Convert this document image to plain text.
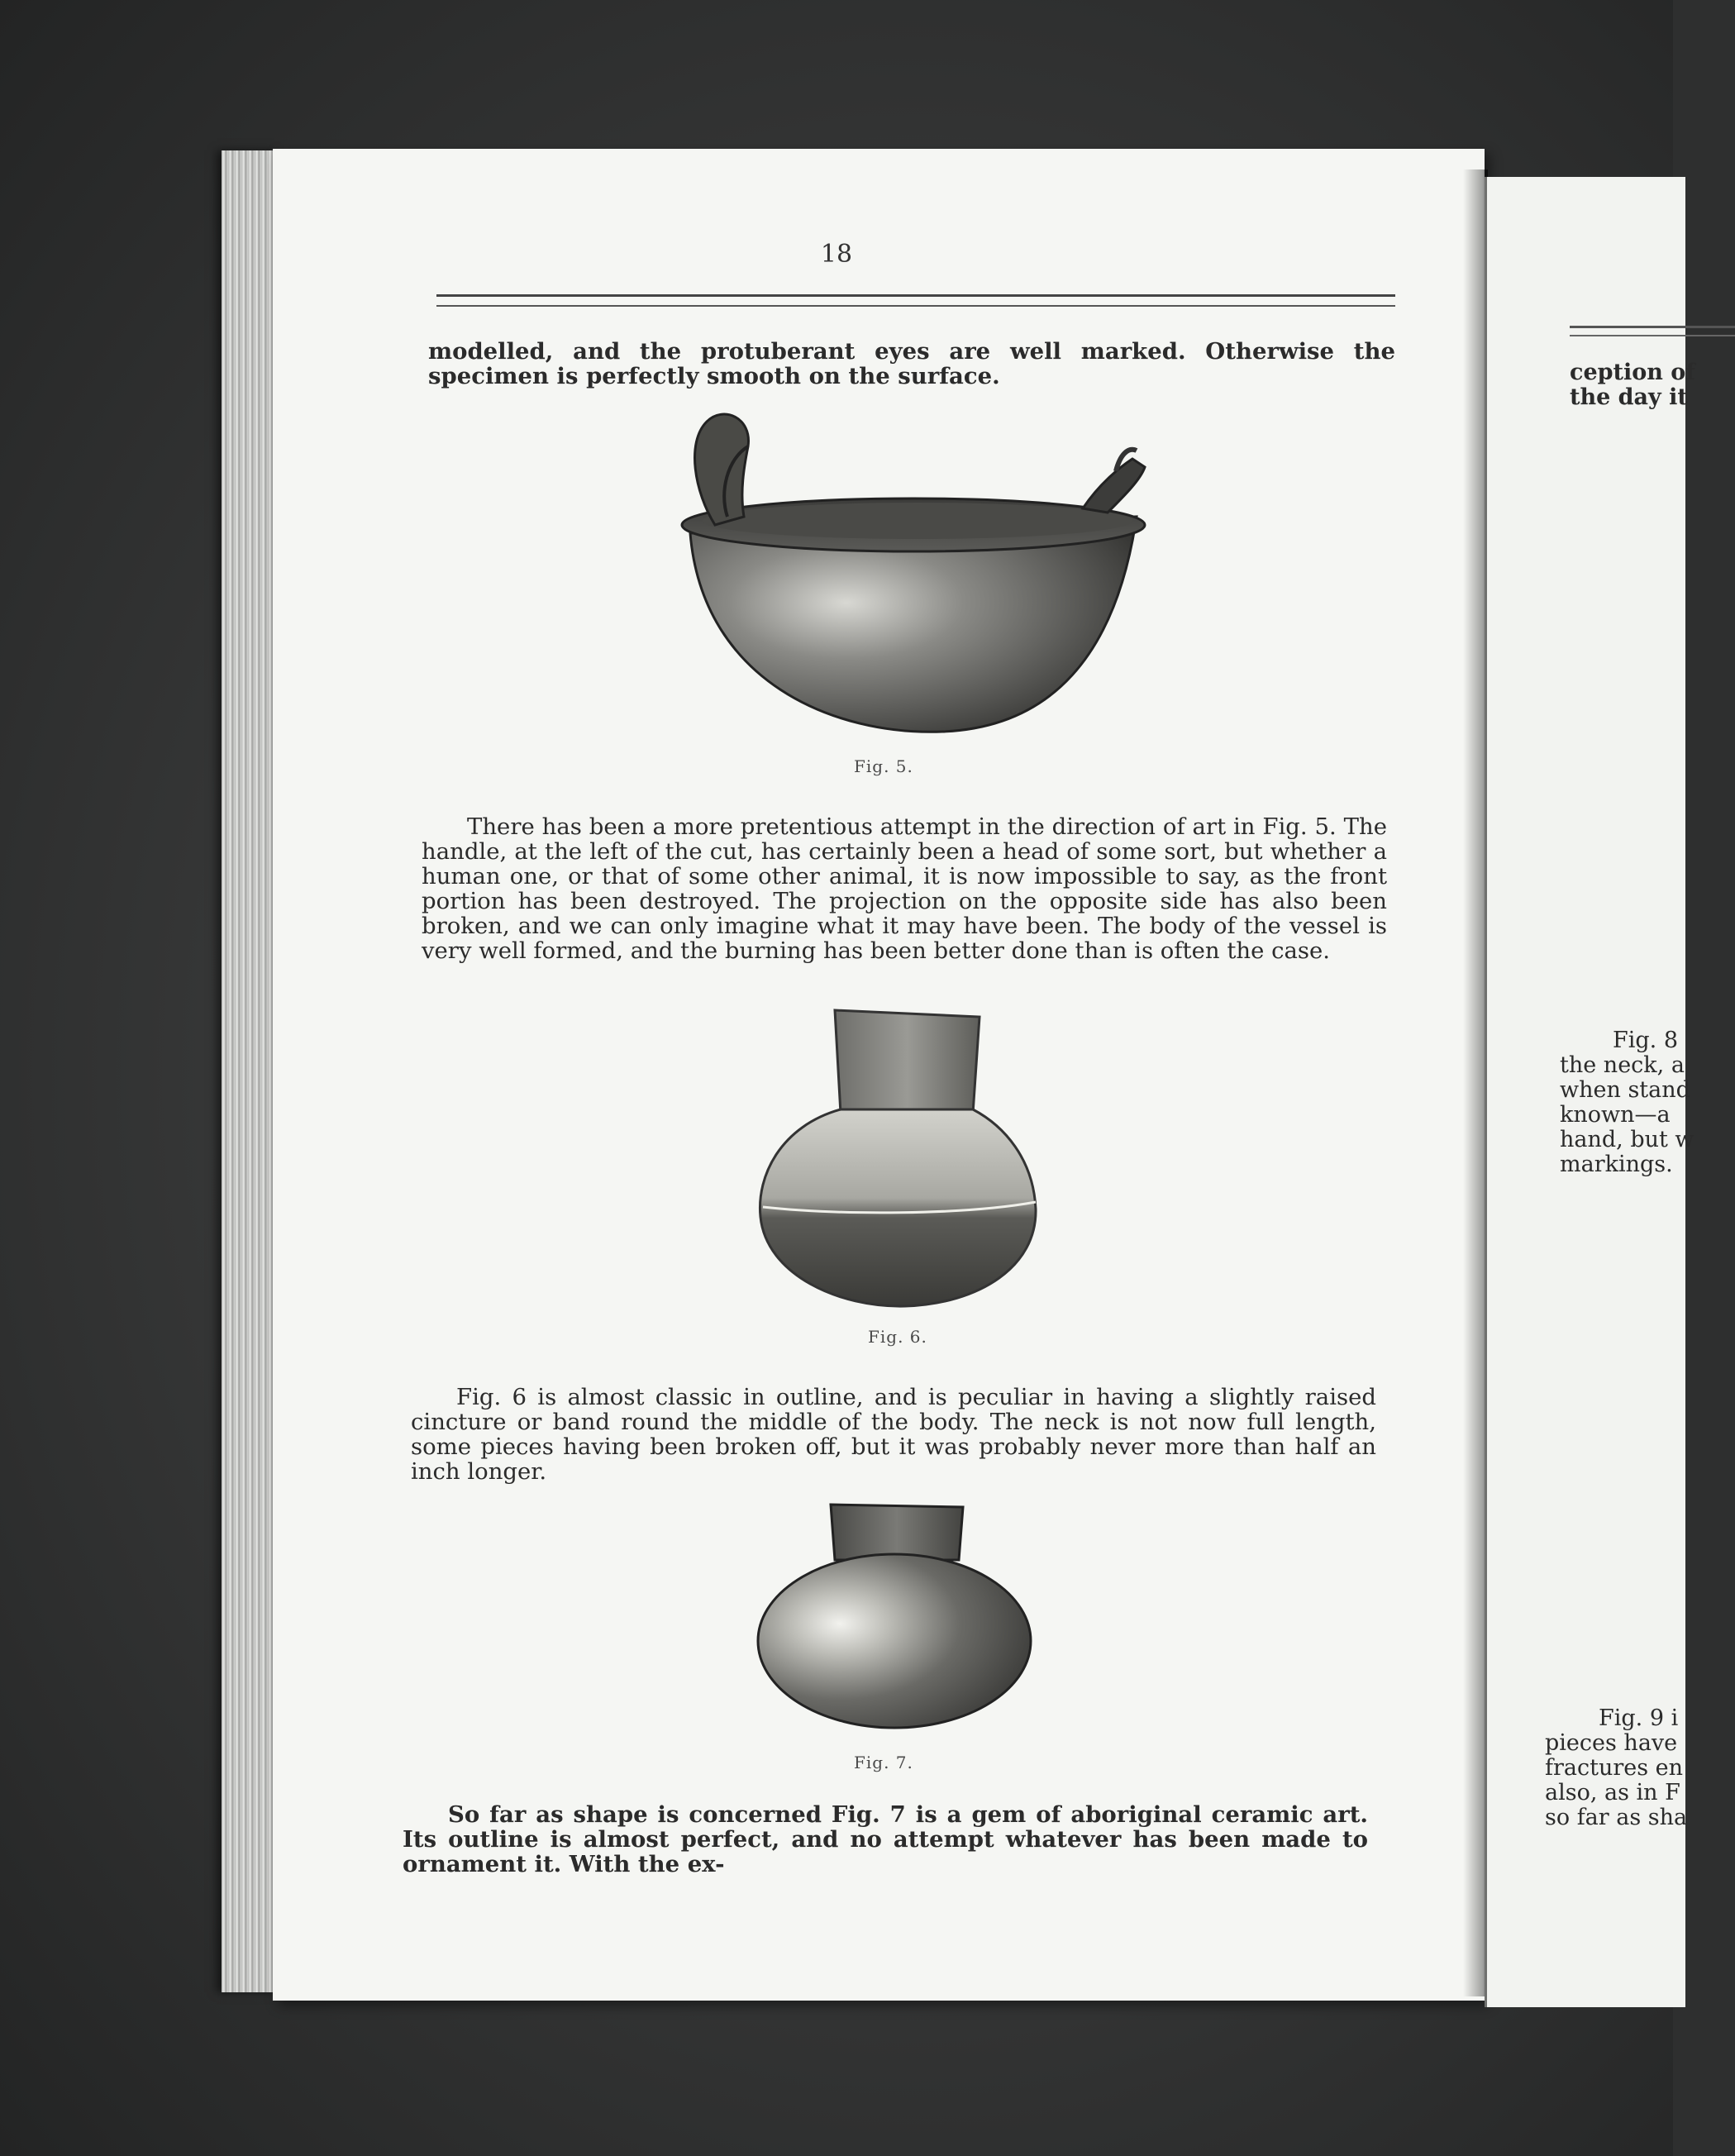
18

modelled, and the protuberant eyes are well marked. Otherwise the specimen is perfectly smooth on the surface.

Fig. 5.

There has been a more pretentious attempt in the direction of art in Fig. 5. The handle, at the left of the cut, has certainly been a head of some sort, but whether a human one, or that of some other animal, it is now impossible to say, as the front portion has been destroyed. The projection on the opposite side has also been broken, and we can only imagine what it may have been. The body of the vessel is very well formed, and the burning has been better done than is often the case.

Fig. 6.

Fig. 6 is almost classic in outline, and is peculiar in having a slightly raised cincture or band round the middle of the body. The neck is not now full length, some pieces having been broken off, but it was probably never more than half an inch longer.

Fig. 7.

So far as shape is concerned Fig. 7 is a gem of aboriginal ceramic art. Its outline is almost perfect, and no attempt whatever has been made to ornament it. With the ex-

ception of

the day it

Fig. 8

the neck, a

when stand

known—a

hand, but w

markings.

Fig. 9 i

pieces have

fractures en

also, as in F

so far as sha
